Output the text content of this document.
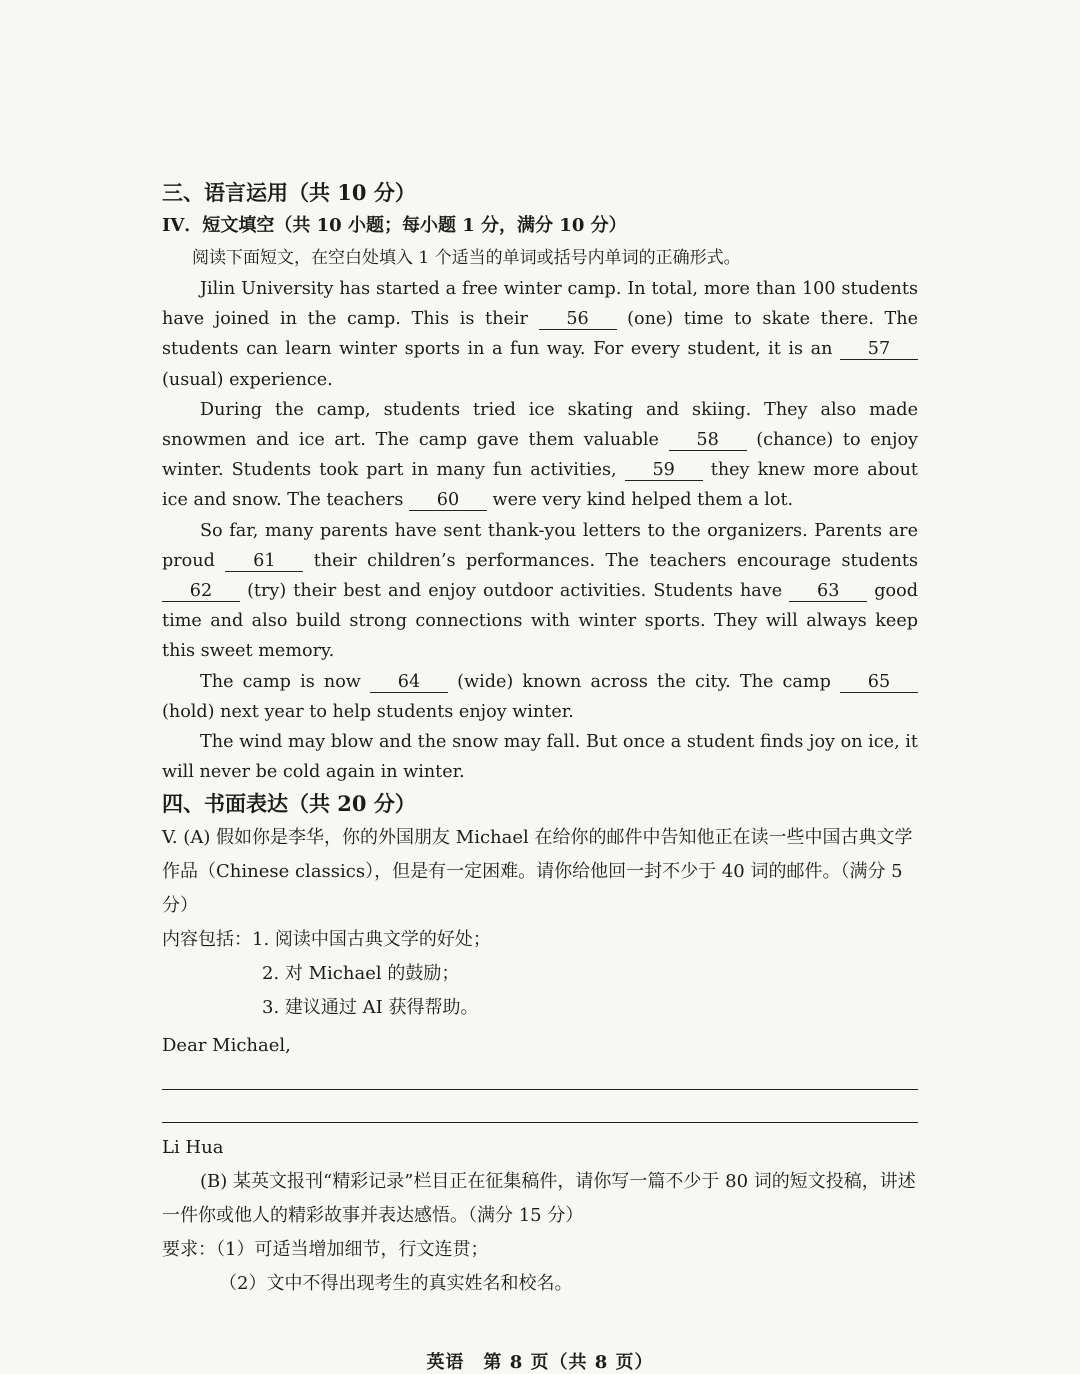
三、语言运用（共 10 分）
IV．短文填空（共 10 小题；每小题 1 分，满分 10 分）
阅读下面短文，在空白处填入 1 个适当的单词或括号内单词的正确形式。

Jilin University has started a free winter camp. In total, more than 100 students have joined in the camp. This is their 56 (one) time to skate there. The students can learn winter sports in a fun way. For every student, it is an 57 (usual) experience.

During the camp, students tried ice skating and skiing. They also made snowmen and ice art. The camp gave them valuable 58 (chance) to enjoy winter. Students took part in many fun activities, 59 they knew more about ice and snow. The teachers 60 were very kind helped them a lot.

So far, many parents have sent thank-you letters to the organizers. Parents are proud 61 their children’s performances. The teachers encourage students 62 (try) their best and enjoy outdoor activities. Students have 63 good time and also build strong connections with winter sports. They will always keep this sweet memory.

The camp is now 64 (wide) known across the city. The camp 65 (hold) next year to help students enjoy winter.

The wind may blow and the snow may fall. But once a student finds joy on ice, it will never be cold again in winter.

四、书面表达（共 20 分）
V. (A) 假如你是李华，你的外国朋友 Michael 在给你的邮件中告知他正在读一些中国古典文学作品（Chinese classics），但是有一定困难。请你给他回一封不少于 40 词的邮件。（满分 5 分）
内容包括：1. 阅读中国古典文学的好处；
2. 对 Michael 的鼓励；
3. 建议通过 AI 获得帮助。
Dear Michael,
Li Hua
(B) 某英文报刊“精彩记录”栏目正在征集稿件，请你写一篇不少于 80 词的短文投稿，讲述一件你或他人的精彩故事并表达感悟。（满分 15 分）
要求：（1）可适当增加细节，行文连贯；
（2）文中不得出现考生的真实姓名和校名。
英语　第 8 页（共 8 页）
